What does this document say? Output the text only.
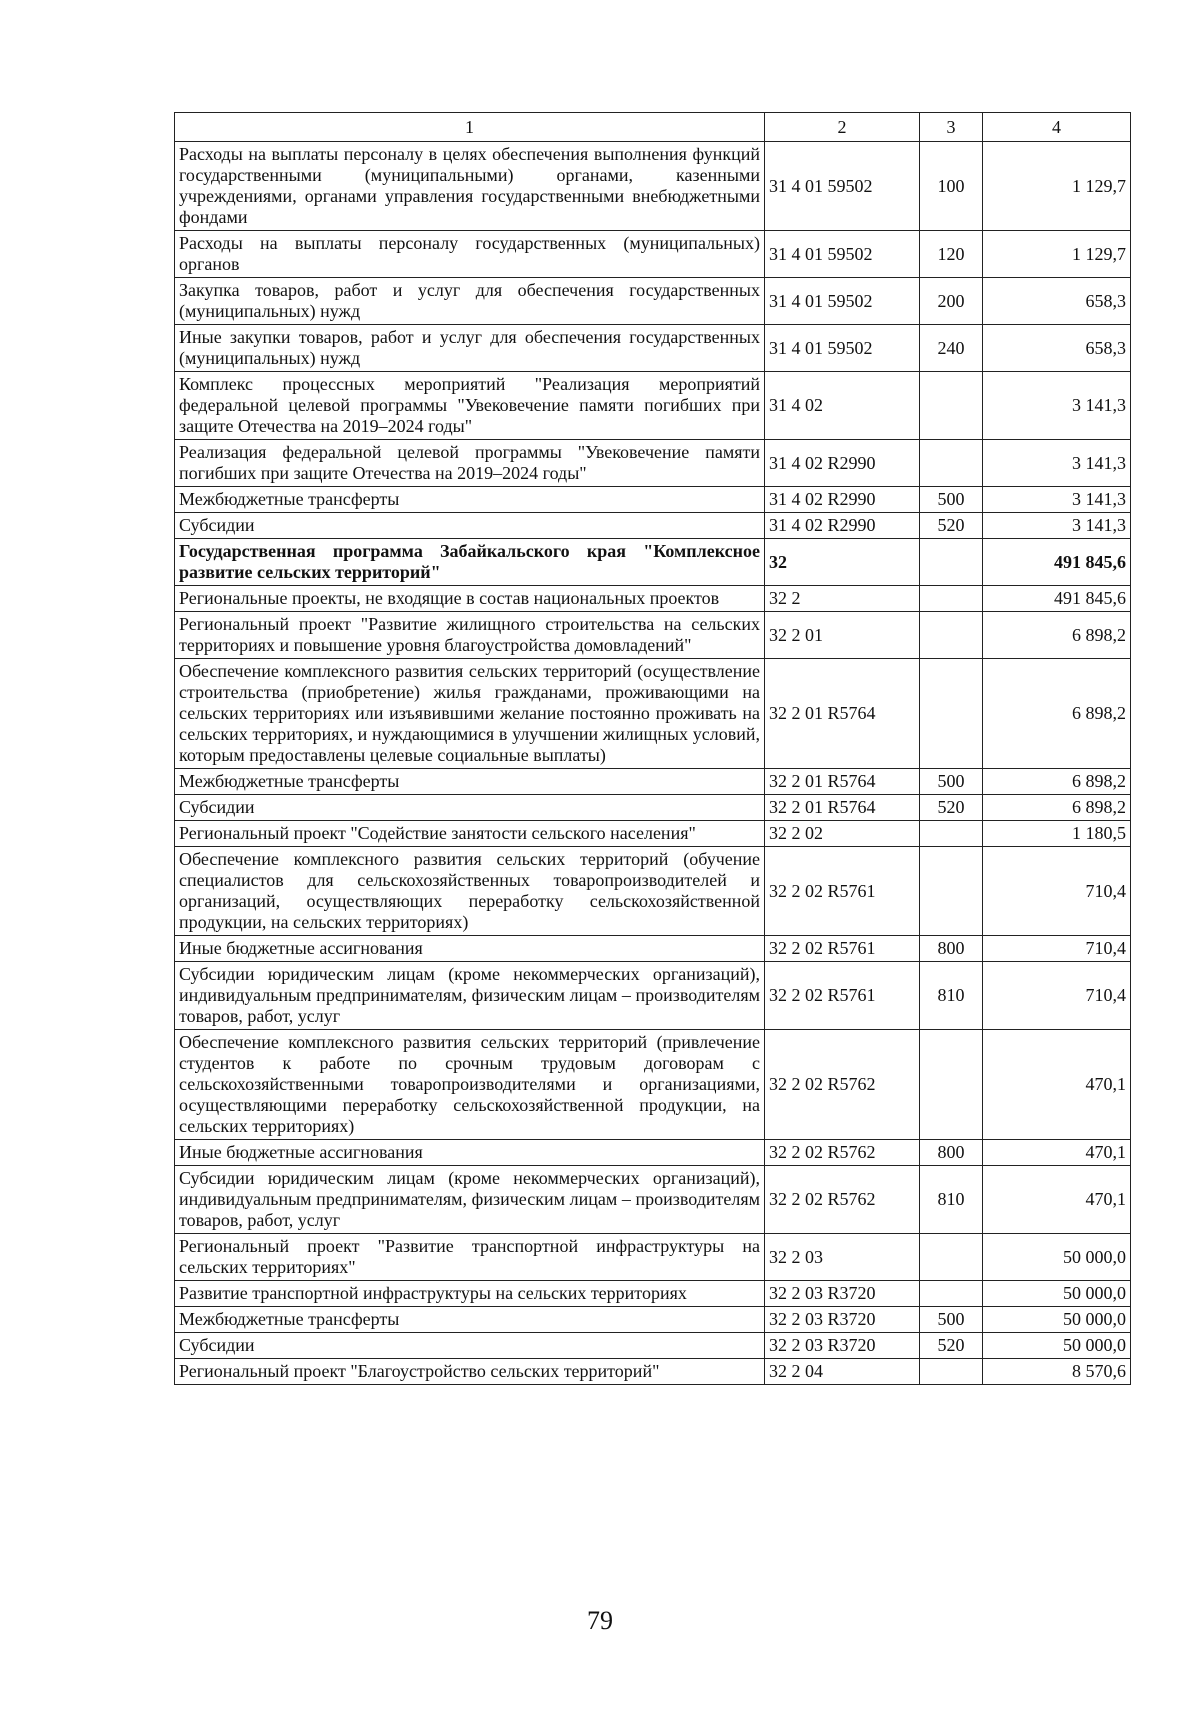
1	2	3	4
Расходы на выплаты персоналу в целях обеспечения выполнения функций государственными (муниципальными) органами, казенными учреждениями, органами управления государственными внебюджетными фондами	31 4 01 59502	100	1 129,7
Расходы на выплаты персоналу государственных (муниципальных) органов	31 4 01 59502	120	1 129,7
Закупка товаров, работ и услуг для обеспечения государственных (муниципальных) нужд	31 4 01 59502	200	658,3
Иные закупки товаров, работ и услуг для обеспечения государственных (муниципальных) нужд	31 4 01 59502	240	658,3
Комплекс процессных мероприятий "Реализация мероприятий федеральной целевой программы "Увековечение памяти погибших при защите Отечества на 2019–2024 годы"	31 4 02		3 141,3
Реализация федеральной целевой программы "Увековечение памяти погибших при защите Отечества на 2019–2024 годы"	31 4 02 R2990		3 141,3
Межбюджетные трансферты	31 4 02 R2990	500	3 141,3
Субсидии	31 4 02 R2990	520	3 141,3
Государственная программа Забайкальского края "Комплексное развитие сельских территорий"	32		491 845,6
Региональные проекты, не входящие в состав национальных проектов	32 2		491 845,6
Региональный проект "Развитие жилищного строительства на сельских территориях и повышение уровня благоустройства домовладений"	32 2 01		6 898,2
Обеспечение комплексного развития сельских территорий (осуществление строительства (приобретение) жилья гражданами, проживающими на сельских территориях или изъявившими желание постоянно проживать на сельских территориях, и нуждающимися в улучшении жилищных условий, которым предоставлены целевые социальные выплаты)	32 2 01 R5764		6 898,2
Межбюджетные трансферты	32 2 01 R5764	500	6 898,2
Субсидии	32 2 01 R5764	520	6 898,2
Региональный проект "Содействие занятости сельского населения"	32 2 02		1 180,5
Обеспечение комплексного развития сельских территорий (обучение специалистов для сельскохозяйственных товаропроизводителей и организаций, осуществляющих переработку сельскохозяйственной продукции, на сельских территориях)	32 2 02 R5761		710,4
Иные бюджетные ассигнования	32 2 02 R5761	800	710,4
Субсидии юридическим лицам (кроме некоммерческих организаций), индивидуальным предпринимателям, физическим лицам – производителям товаров, работ, услуг	32 2 02 R5761	810	710,4
Обеспечение комплексного развития сельских территорий (привлечение студентов к работе по срочным трудовым договорам с сельскохозяйственными товаропроизводителями и организациями, осуществляющими переработку сельскохозяйственной продукции, на сельских территориях)	32 2 02 R5762		470,1
Иные бюджетные ассигнования	32 2 02 R5762	800	470,1
Субсидии юридическим лицам (кроме некоммерческих организаций), индивидуальным предпринимателям, физическим лицам – производителям товаров, работ, услуг	32 2 02 R5762	810	470,1
Региональный проект "Развитие транспортной инфраструктуры на сельских территориях"	32 2 03		50 000,0
Развитие транспортной инфраструктуры на сельских территориях	32 2 03 R3720		50 000,0
Межбюджетные трансферты	32 2 03 R3720	500	50 000,0
Субсидии	32 2 03 R3720	520	50 000,0
Региональный проект "Благоустройство сельских территорий"	32 2 04		8 570,6
79
